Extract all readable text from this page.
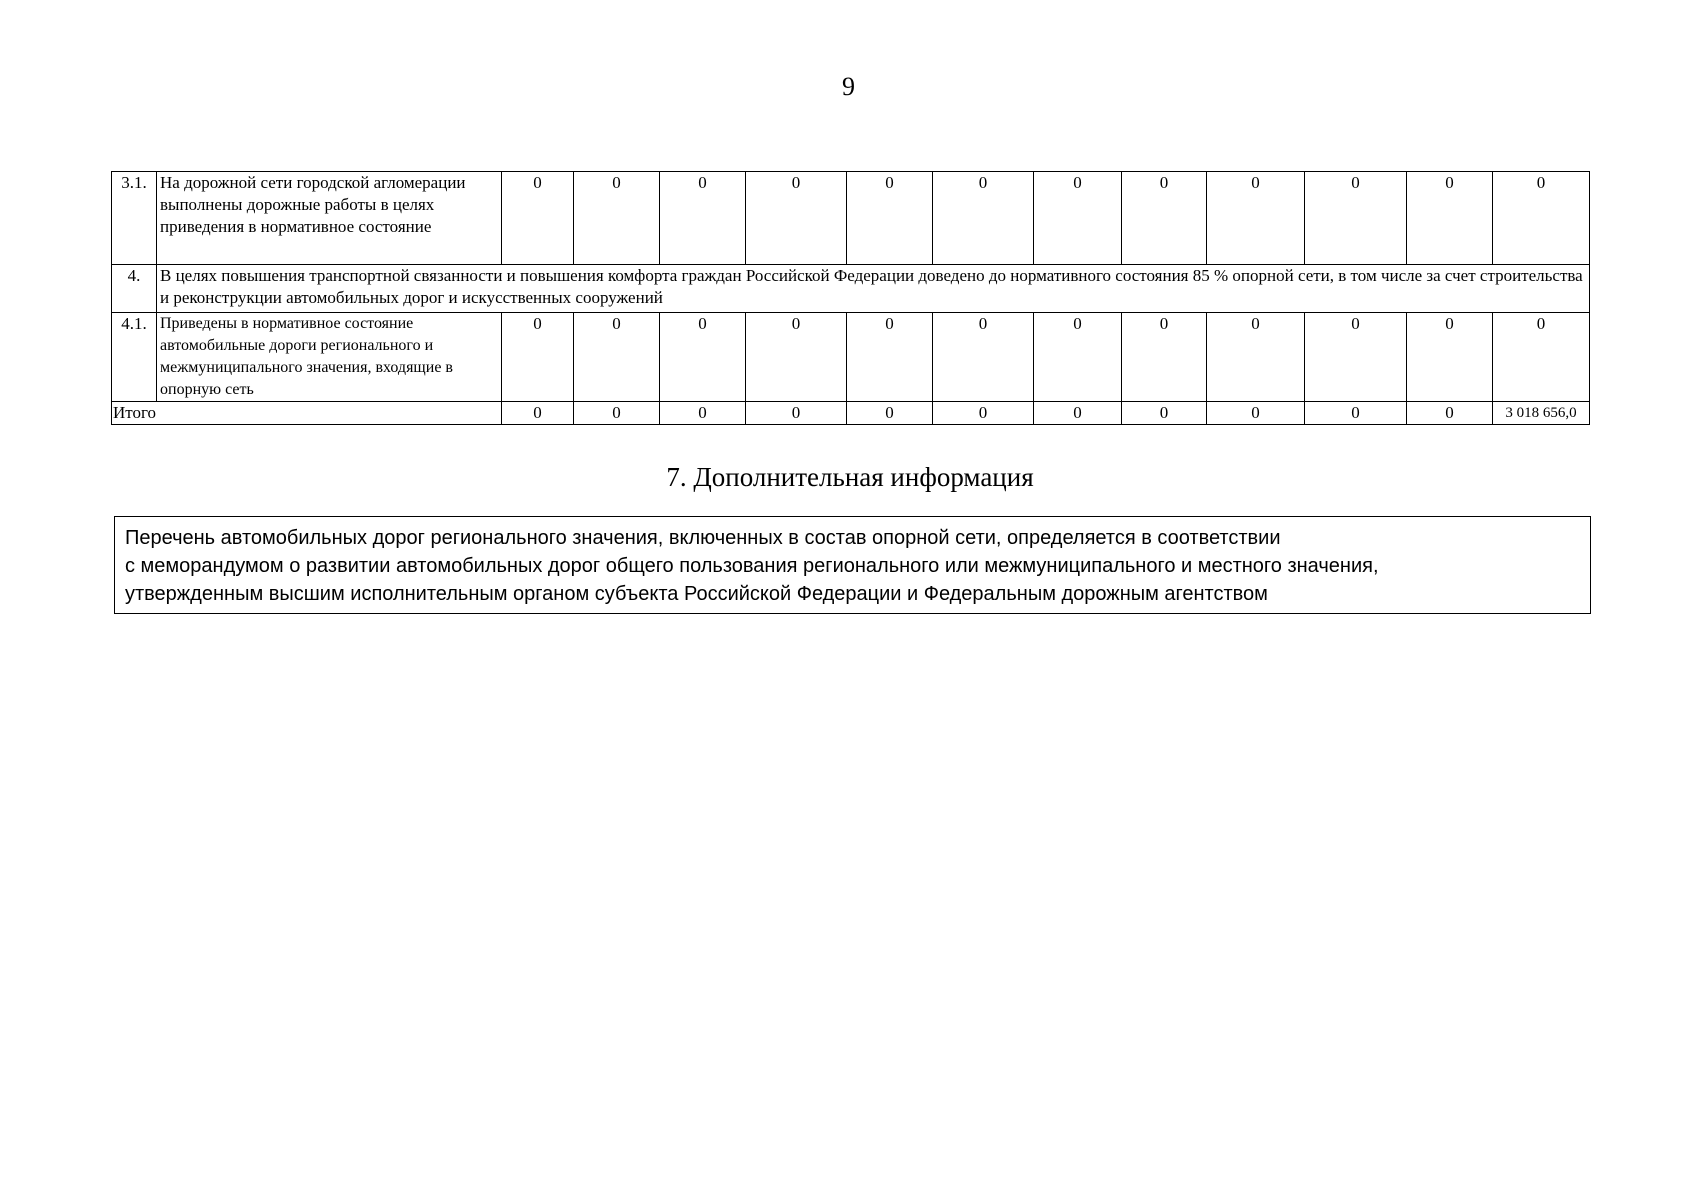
9
3.1.	На дорожной сети городской агломерации выполнены дорожные работы в целях приведения в нормативное состояние	0	0	0	0	0	0	0	0	0	0	0	0
4.	В целях повышения транспортной связанности и повышения комфорта граждан Российской Федерации доведено до нормативного состояния 85 % опорной сети, в том числе за счет строительства и реконструкции автомобильных дорог и искусственных сооружений												
4.1.	Приведены в нормативное состояние автомобильные дороги регионального и межмуниципального значения, входящие в опорную сеть	0	0	0	0	0	0	0	0	0	0	0	0
Итого		0	0	0	0	0	0	0	0	0	0	0	3 018 656,0
7. Дополнительная информация
Перечень автомобильных дорог регионального значения, включенных в состав опорной сети, определяется в соответствии
с меморандумом о развитии автомобильных дорог общего пользования регионального или межмуниципального и местного значения,
утвержденным высшим исполнительным органом субъекта Российской Федерации и Федеральным дорожным агентством
